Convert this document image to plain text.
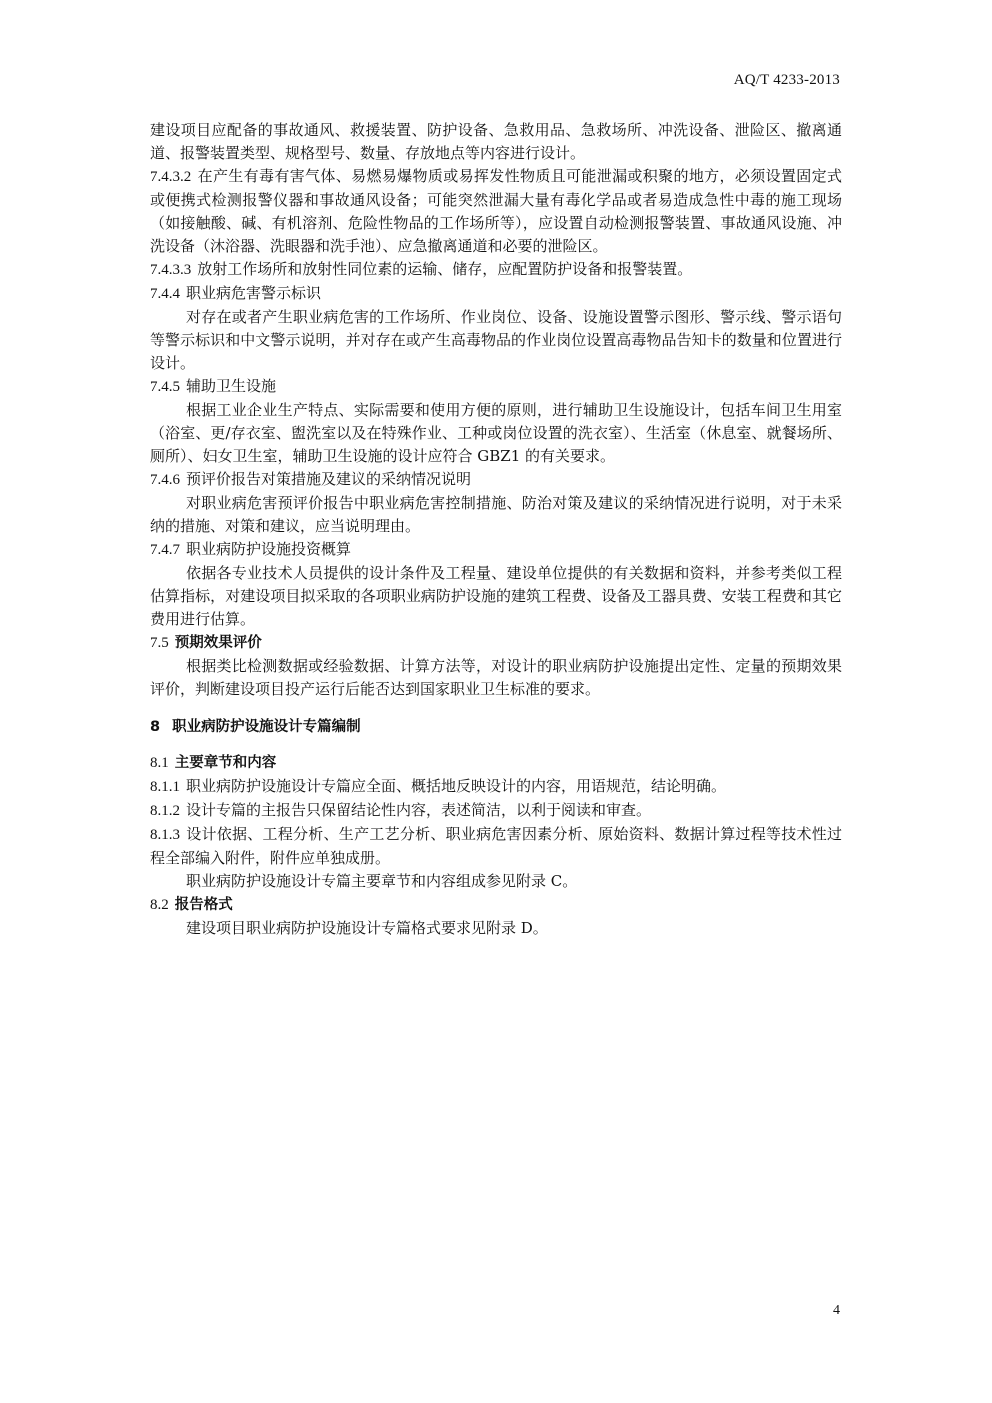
AQ/T 4233-2013

建设项目应配备的事故通风、救援装置、防护设备、急救用品、急救场所、冲洗设备、泄险区、撤离通道、报警装置类型、规格型号、数量、存放地点等内容进行设计。

7.4.3.2 在产生有毒有害气体、易燃易爆物质或易挥发性物质且可能泄漏或积聚的地方，必须设置固定式或便携式检测报警仪器和事故通风设备；可能突然泄漏大量有毒化学品或者易造成急性中毒的施工现场（如接触酸、碱、有机溶剂、危险性物品的工作场所等），应设置自动检测报警装置、事故通风设施、冲洗设备（沐浴器、洗眼器和洗手池）、应急撤离通道和必要的泄险区。

7.4.3.3 放射工作场所和放射性同位素的运输、储存，应配置防护设备和报警装置。

7.4.4 职业病危害警示标识

对存在或者产生职业病危害的工作场所、作业岗位、设备、设施设置警示图形、警示线、警示语句等警示标识和中文警示说明，并对存在或产生高毒物品的作业岗位设置高毒物品告知卡的数量和位置进行设计。

7.4.5 辅助卫生设施

根据工业企业生产特点、实际需要和使用方便的原则，进行辅助卫生设施设计，包括车间卫生用室（浴室、更/存衣室、盥洗室以及在特殊作业、工种或岗位设置的洗衣室）、生活室（休息室、就餐场所、厕所）、妇女卫生室，辅助卫生设施的设计应符合 GBZ1 的有关要求。

7.4.6 预评价报告对策措施及建议的采纳情况说明

对职业病危害预评价报告中职业病危害控制措施、防治对策及建议的采纳情况进行说明，对于未采纳的措施、对策和建议，应当说明理由。

7.4.7 职业病防护设施投资概算

依据各专业技术人员提供的设计条件及工程量、建设单位提供的有关数据和资料，并参考类似工程估算指标，对建设项目拟采取的各项职业病防护设施的建筑工程费、设备及工器具费、安装工程费和其它费用进行估算。

7.5 预期效果评价

根据类比检测数据或经验数据、计算方法等，对设计的职业病防护设施提出定性、定量的预期效果评价，判断建设项目投产运行后能否达到国家职业卫生标准的要求。

8 职业病防护设施设计专篇编制

8.1 主要章节和内容

8.1.1 职业病防护设施设计专篇应全面、概括地反映设计的内容，用语规范，结论明确。

8.1.2 设计专篇的主报告只保留结论性内容，表述简洁，以利于阅读和审查。

8.1.3 设计依据、工程分析、生产工艺分析、职业病危害因素分析、原始资料、数据计算过程等技术性过程全部编入附件，附件应单独成册。

职业病防护设施设计专篇主要章节和内容组成参见附录 C。

8.2 报告格式

建设项目职业病防护设施设计专篇格式要求见附录 D。

4
